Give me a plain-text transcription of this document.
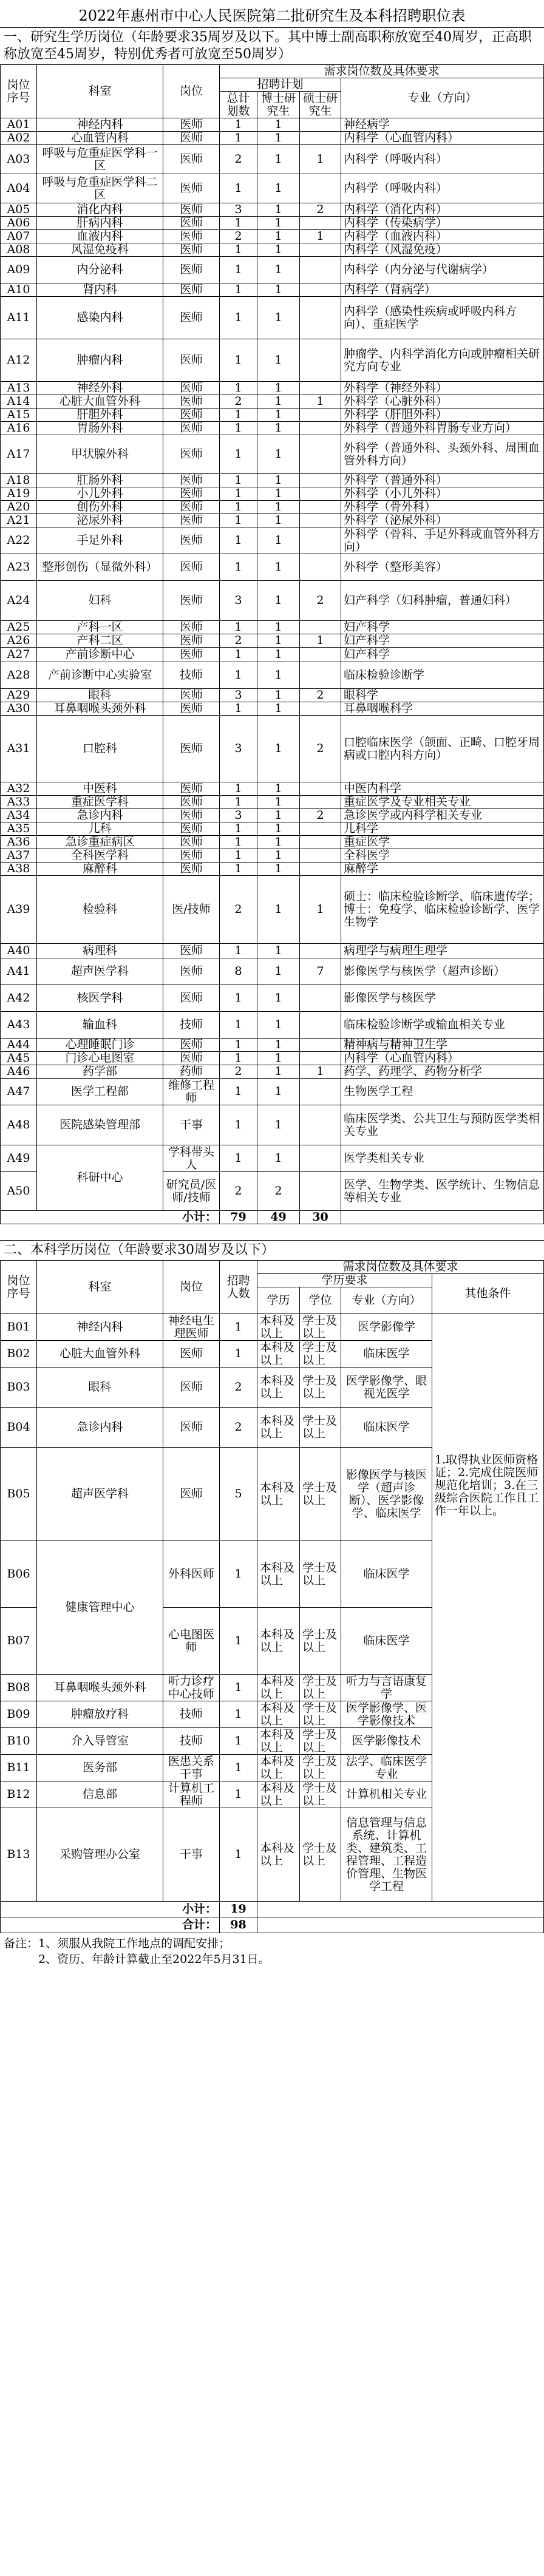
2022年惠州市中心人民医院第二批研究生及本科招聘职位表
一、研究生学历岗位（年龄要求35周岁及以下。其中博士副高职称放宽至40周岁，正高职称放宽至45周岁，特别优秀者可放宽至50周岁）
岗位序号	科室	岗位	需求岗位数及具体要求			
			招聘计划			专业（方向）
			总计划数	博士研究生	硕士研究生	
A01	神经内科	医师	1	1		神经病学
A02	心血管内科	医师	1	1		内科学（心血管内科）
A03	呼吸与危重症医学科一区	医师	2	1	1	内科学（呼吸内科）
A04	呼吸与危重症医学科二区	医师	1	1		内科学（呼吸内科）
A05	消化内科	医师	3	1	2	内科学（消化内科）
A06	肝病内科	医师	1	1		内科学（传染病学）
A07	血液内科	医师	2	1	1	内科学（血液内科）
A08	风湿免疫科	医师	1	1		内科学（风湿免疫）
A09	内分泌科	医师	1	1		内科学（内分泌与代谢病学）
A10	肾内科	医师	1	1		内科学（肾病学）
A11	感染内科	医师	1	1		内科学（感染性疾病或呼吸内科方向）、重症医学
A12	肿瘤内科	医师	1	1		肿瘤学、内科学消化方向或肿瘤相关研究方向专业
A13	神经外科	医师	1	1		外科学（神经外科）
A14	心脏大血管外科	医师	2	1	1	外科学（心脏外科）
A15	肝胆外科	医师	1	1		外科学（肝胆外科）
A16	胃肠外科	医师	1	1		外科学（普通外科胃肠专业方向）
A17	甲状腺外科	医师	1	1		外科学（普通外科、头颈外科、周围血管外科方向）
A18	肛肠外科	医师	1	1		外科学（普通外科）
A19	小儿外科	医师	1	1		外科学（小儿外科）
A20	创伤外科	医师	1	1		外科学（骨外科）
A21	泌尿外科	医师	1	1		外科学（泌尿外科）
A22	手足外科	医师	1	1		外科学（骨科、手足外科或血管外科方向）
A23	整形创伤（显微外科）	医师	1	1		外科学（整形美容）
A24	妇科	医师	3	1	2	妇产科学（妇科肿瘤，普通妇科）
A25	产科一区	医师	1	1		妇产科学
A26	产科二区	医师	2	1	1	妇产科学
A27	产前诊断中心	医师	1	1		妇产科学
A28	产前诊断中心实验室	技师	1	1		临床检验诊断学
A29	眼科	医师	3	1	2	眼科学
A30	耳鼻咽喉头颈外科	医师	1	1		耳鼻咽喉科学
A31	口腔科	医师	3	1	2	口腔临床医学（颌面、正畸、口腔牙周病或口腔内科方向）
A32	中医科	医师	1	1		中医内科学
A33	重症医学科	医师	1	1		重症医学及专业相关专业
A34	急诊内科	医师	3	1	2	急诊医学或内科学相关专业
A35	儿科	医师	1	1		儿科学
A36	急诊重症病区	医师	1	1		重症医学
A37	全科医学科	医师	1	1		全科医学
A38	麻醉科	医师	1	1		麻醉学
A39	检验科	医/技师	2	1	1	硕士：临床检验诊断学、临床遗传学；博士：免疫学、临床检验诊断学、医学生物学
A40	病理科	医师	1	1		病理学与病理生理学
A41	超声医学科	医师	8	1	7	影像医学与核医学（超声诊断）
A42	核医学科	医师	1	1		影像医学与核医学
A43	输血科	技师	1	1		临床检验诊断学或输血相关专业
A44	心理睡眠门诊	医师	1	1		精神病与精神卫生学
A45	门诊心电图室	医师	1	1		内科学（心血管内科）
A46	药学部	药师	2	1	1	药学、药理学、药物分析学
A47	医学工程部	维修工程师	1	1		生物医学工程
A48	医院感染管理部	干事	1	1		临床医学类、公共卫生与预防医学类相关专业
A49	科研中心	学科带头人	1	1		医学类相关专业
A50		研究员/医师/技师	2	2		医学、生物学类、医学统计、生物信息等相关专业
小计：			79	49	30	
二、本科学历岗位（年龄要求30周岁及以下）
岗位序号	科室	岗位	招聘人数	需求岗位数及具体要求			
				学历要求			其他条件
				学历	学位	专业（方向）	
B01	神经内科	神经电生理医师	1	本科及以上	学士及以上	医学影像学	1.取得执业医师资格证；2.完成住院医师规范化培训；3.在三级综合医院工作且工作一年以上。
B02	心脏大血管外科	医师	1	本科及以上	学士及以上	临床医学	
B03	眼科	医师	2	本科及以上	学士及以上	医学影像学、眼视光医学	
B04	急诊内科	医师	2	本科及以上	学士及以上	临床医学	
B05	超声医学科	医师	5	本科及以上	学士及以上	影像医学与核医学（超声诊断）、医学影像学、临床医学	
B06	健康管理中心	外科医师	1	本科及以上	学士及以上	临床医学	
B07		心电图医师	1	本科及以上	学士及以上	临床医学	
B08	耳鼻咽喉头颈外科	听力诊疗中心技师	1	本科及以上	学士及以上	听力与言语康复学	
B09	肿瘤放疗科	技师	1	本科及以上	学士及以上	医学影像学、医学影像技术	
B10	介入导管室	技师	1	本科及以上	学士及以上	医学影像技术	
B11	医务部	医患关系干事	1	本科及以上	学士及以上	法学、临床医学专业	
B12	信息部	计算机工程师	1	本科及以上	学士及以上	计算机相关专业	
B13	采购管理办公室	干事	1	本科及以上	学士及以上	信息管理与信息系统、计算机类、建筑类、工程管理、工程造价管理、生物医学工程	
小计：			19				
合计：			98				
备注：1、须服从我院工作地点的调配安排；
2、资历、年龄计算截止至2022年5月31日。
